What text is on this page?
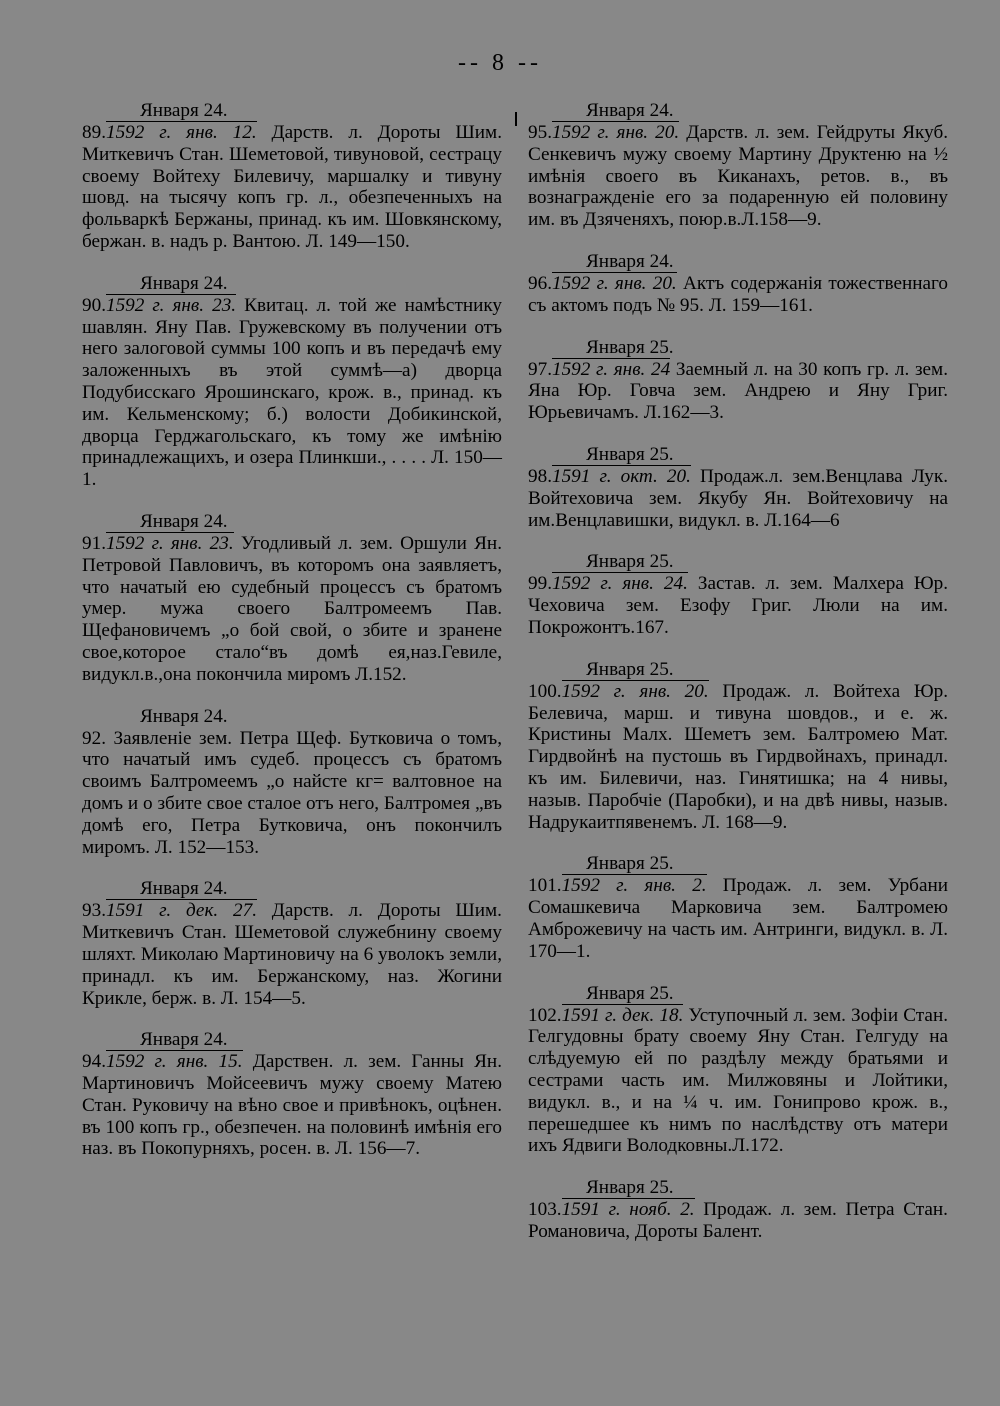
-- 8 --
Января 24.
89.1592 г. янв. 12. Дарств. л. Дороты Шим. Миткевичъ Стан. Шеметовой, тивуновой, сестрацу своему Войтеху Билевичу, маршалку и тивуну шовд. на тысячу копъ гр. л., обезпеченныхъ на фольваркѣ Бержаны, принад. къ им. Шовкянскому, бержан. в. надъ р. Вантою. Л. 149—150.
Января 24.
90.1592 г. янв. 23. Квитац. л. той же намѣстнику шавлян. Яну Пав. Гружевскому въ получении отъ него залоговой суммы 100 копъ и въ передачѣ ему заложенныхъ въ этой суммѣ—а) дворца Подубисскаго Ярошинскаго, крож. в., принад. къ им. Кельменскому; б.) волости Добикинской, дворца Герджагольскаго, къ тому же имѣнію принадлежащихъ, и озера Плинкши., . . . . Л. 150—1.
Января 24.
91.1592 г. янв. 23. Угодливый л. зем. Оршули Ян. Петровой Павловичъ, въ которомъ она заявляетъ, что начатый ею судебный процессъ съ братомъ умер. мужа своего Балтромеемъ Пав. Щефановичемъ „о бой свой, о збите и зранене свое,которое стало“въ домѣ ея,наз.Гевиле, видукл.в.,она покончила миромъ Л.152.
Января 24.
92. Заявленіе зем. Петра Щеф. Бутковича о томъ, что начатый имъ судеб. процессъ съ братомъ своимъ Балтромеемъ „о найсте кг= валтовное на домъ и о збите свое сталое отъ него, Балтромея „въ домѣ его, Петра Бутковича, онъ покончилъ миромъ. Л. 152—153.
Января 24.
93.1591 г. дек. 27. Дарств. л. Дороты Шим. Миткевичъ Стан. Шеметовой служебнину своему шляхт. Миколаю Мартиновичу на 6 уволокъ земли, принадл. къ им. Бержанскому, наз. Жогини Крикле, берж. в. Л. 154—5.
Января 24.
94.1592 г. янв. 15. Дарствен. л. зем. Ганны Ян. Мартиновичъ Мойсеевичъ мужу своему Матею Стан. Руковичу на вѣно свое и привѣнокъ, оцѣнен. въ 100 копъ гр., обезпечен. на половинѣ имѣнія его наз. въ Покопурняхъ, росен. в. Л. 156—7.
Января 24.
95.1592 г. янв. 20. Дарств. л. зем. Гейдруты Якуб. Сенкевичъ мужу своему Мартину Друктеню на ½ имѣнія своего въ Киканахъ, ретов. в., въ вознагражденіе его за подаренную ей половину им. въ Дзяченяхъ, поюр.в.Л.158—9.
Января 24.
96.1592 г. янв. 20. Актъ содержанія тожественнаго съ актомъ подъ № 95. Л. 159—161.
Января 25.
97.1592 г. янв. 24 Заемный л. на 30 копъ гр. л. зем. Яна Юр. Говча зем. Андрею и Яну Григ. Юрьевичамъ. Л.162—3.
Января 25.
98.1591 г. окт. 20. Продаж.л. зем.Венцлава Лук. Войтеховича зем. Якубу Ян. Войтеховичу на им.Венцлавишки, видукл. в. Л.164—6
Января 25.
99.1592 г. янв. 24. Застав. л. зем. Малхера Юр. Чеховича зем. Езофу Григ. Люли на им. Покрожонтъ.167.
Января 25.
100.1592 г. янв. 20. Продаж. л. Войтеха Юр. Белевича, марш. и тивуна шовдов., и е. ж. Кристины Малх. Шеметъ зем. Балтромею Мат. Гирдвойнѣ на пустошь въ Гирдвойнахъ, принадл. къ им. Билевичи, наз. Гинятишка; на 4 нивы, назыв. Паробчіе (Паробки), и на двѣ нивы, назыв. Надрукаитпявенемъ. Л. 168—9.
Января 25.
101.1592 г. янв. 2. Продаж. л. зем. Урбани Сомашкевича Марковича зем. Балтромею Амброжевичу на часть им. Антринги, видукл. в. Л. 170—1.
Января 25.
102.1591 г. дек. 18. Уступочный л. зем. Зофіи Стан. Гелгудовны брату своему Яну Стан. Гелгуду на слѣдуемую ей по раздѣлу между братьями и сестрами часть им. Милжовяны и Лойтики, видукл. в., и на ¼ ч. им. Гонипрово крож. в., перешедшее къ нимъ по наслѣдству отъ матери ихъ Ядвиги Володковны.Л.172.
Января 25.
103.1591 г. нояб. 2. Продаж. л. зем. Петра Стан. Романовича, Дороты Балент.
